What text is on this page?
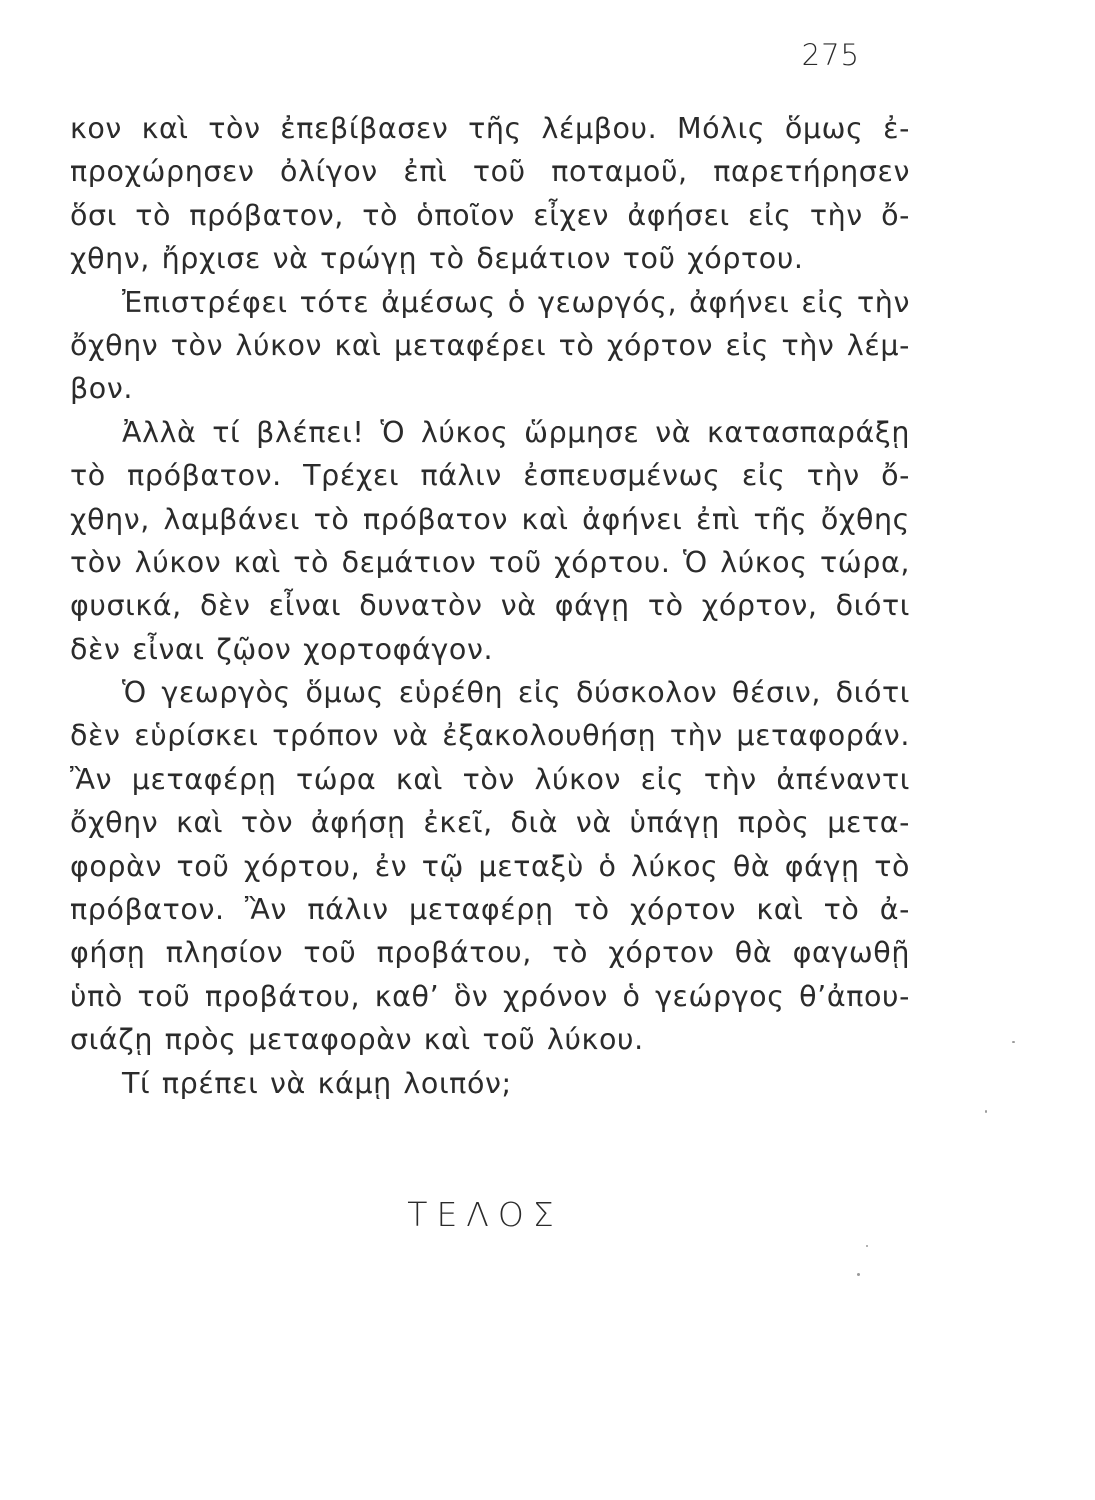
275
κον καὶ τὸν ἐπεβίβασεν τῆς λέμβου. Μόλις ὅμως ἐ-
προχώρησεν ὀλίγον ἐπὶ τοῦ ποταμοῦ, παρετήρησεν
ὅσι τὸ πρόβατον, τὸ ὁποῖον εἶχεν ἀφήσει εἰς τὴν ὄ-
χθην, ἤρχισε νὰ τρώγῃ τὸ δεμάτιον τοῦ χόρτου.
Ἐπιστρέφει τότε ἀμέσως ὁ γεωργός, ἀφήνει εἰς τὴν
ὄχθην τὸν λύκον καὶ μεταφέρει τὸ χόρτον εἰς τὴν λέμ-
βον.
Ἀλλὰ τί βλέπει! Ὁ λύκος ὥρμησε νὰ κατασπαράξῃ
τὸ πρόβατον. Τρέχει πάλιν ἐσπευσμένως εἰς τὴν ὄ-
χθην, λαμβάνει τὸ πρόβατον καὶ ἀφήνει ἐπὶ τῆς ὄχθης
τὸν λύκον καὶ τὸ δεμάτιον τοῦ χόρτου. Ὁ λύκος τώρα,
φυσικά, δὲν εἶναι δυνατὸν νὰ φάγῃ τὸ χόρτον, διότι
δὲν εἶναι ζῷον χορτοφάγον.
Ὁ γεωργὸς ὅμως εὑρέθη εἰς δύσκολον θέσιν, διότι
δὲν εὑρίσκει τρόπον νὰ ἐξακολουθήσῃ τὴν μεταφοράν.
Ἂν μεταφέρῃ τώρα καὶ τὸν λύκον εἰς τὴν ἀπέναντι
ὄχθην καὶ τὸν ἀφήσῃ ἐκεῖ, διὰ νὰ ὑπάγῃ πρὸς μετα-
φορὰν τοῦ χόρτου, ἐν τῷ μεταξὺ ὁ λύκος θὰ φάγῃ τὸ
πρόβατον. Ἂν πάλιν μεταφέρῃ τὸ χόρτον καὶ τὸ ἀ-
φήσῃ πλησίον τοῦ προβάτου, τὸ χόρτον θὰ φαγωθῇ
ὑπὸ τοῦ προβάτου, καθ’ ὃν χρόνον ὁ γεώργος θ’ἀπου-
σιάζῃ πρὸς μεταφορὰν καὶ τοῦ λύκου.
Τί πρέπει νὰ κάμῃ λοιπόν;
ΤΕΛΟΣ
